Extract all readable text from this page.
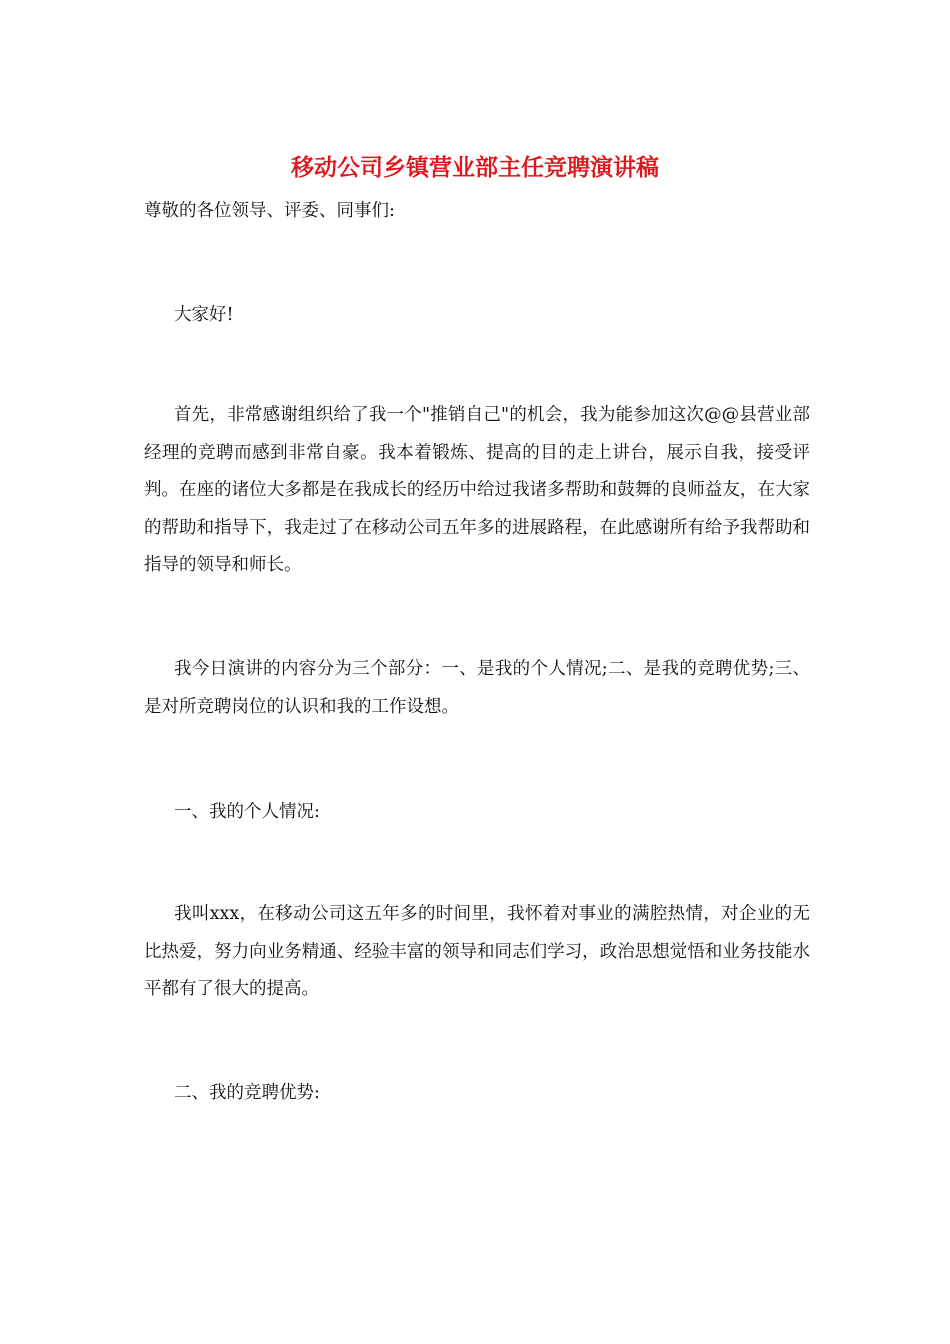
移动公司乡镇营业部主任竞聘演讲稿
尊敬的各位领导、评委、同事们:

大家好!

首先，非常感谢组织给了我一个"推销自己"的机会，我为能参加这次@@县营业部经理的竞聘而感到非常自豪。我本着锻炼、提高的目的走上讲台，展示自我，接受评判。在座的诸位大多都是在我成长的经历中给过我诸多帮助和鼓舞的良师益友，在大家的帮助和指导下，我走过了在移动公司五年多的进展路程，在此感谢所有给予我帮助和指导的领导和师长。

我今日演讲的内容分为三个部分：一、是我的个人情况;二、是我的竞聘优势;三、是对所竞聘岗位的认识和我的工作设想。

一、我的个人情况:

我叫xxx，在移动公司这五年多的时间里，我怀着对事业的满腔热情，对企业的无比热爱，努力向业务精通、经验丰富的领导和同志们学习，政治思想觉悟和业务技能水平都有了很大的提高。

二、我的竞聘优势:
